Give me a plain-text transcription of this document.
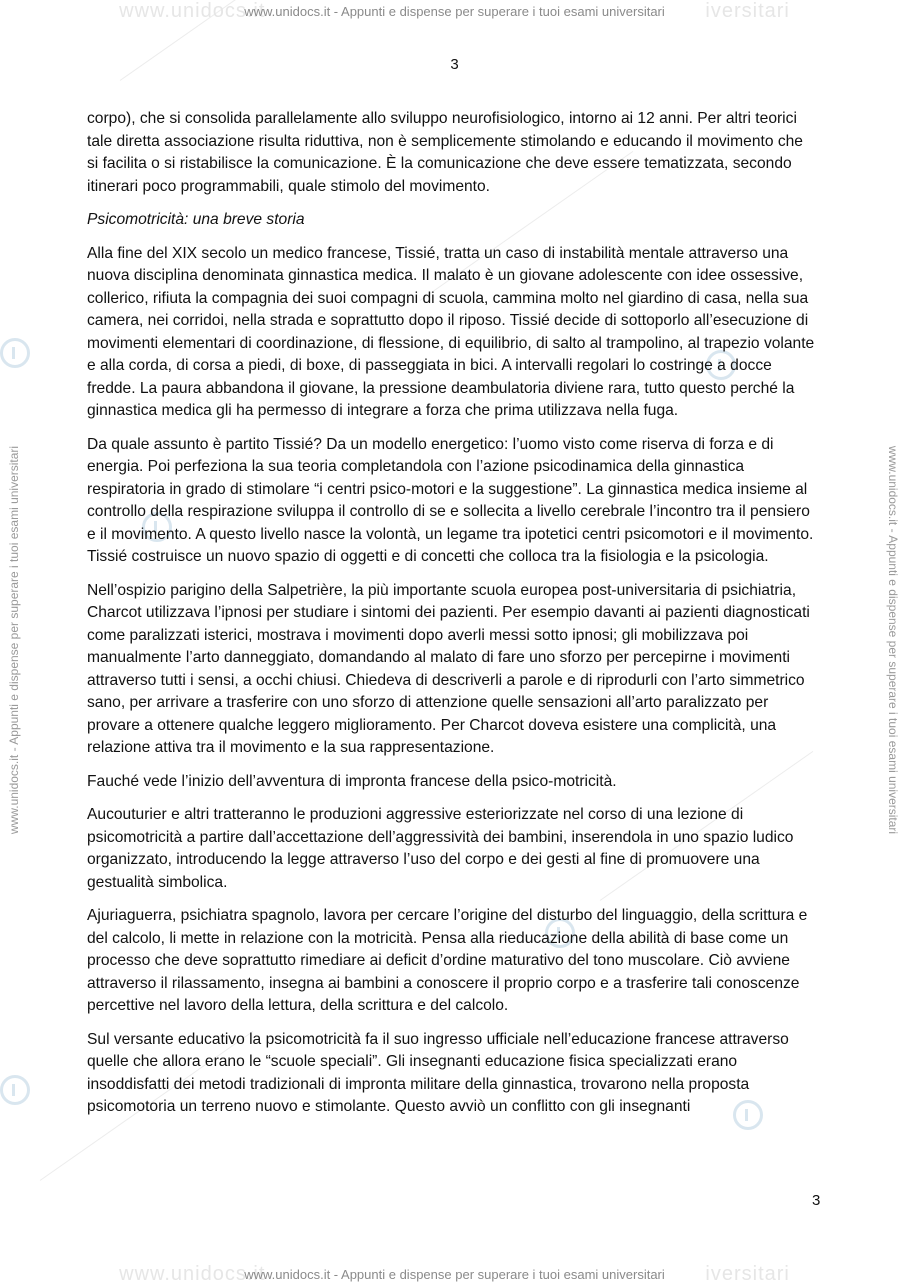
www.unidocs.it	iversitari
www.unidocs.it - Appunti e dispense per superare i tuoi esami universitari
www.unidocs.it - Appunti e dispense per superare i tuoi esami universitari	www.unidocs.it - Appunti e dispense per superare i tuoi esami universitari
3

corpo), che si consolida parallelamente allo sviluppo neurofisiologico, intorno ai 12 anni. Per altri teorici tale diretta associazione risulta riduttiva, non è semplicemente stimolando e educando il movimento che si facilita o si ristabilisce la comunicazione. È la comunicazione che deve essere tematizzata, secondo itinerari poco programmabili, quale stimolo del movimento.

Psicomotricità: una breve storia

Alla fine del XIX secolo un medico francese, Tissié, tratta un caso di instabilità mentale attraverso una nuova disciplina denominata ginnastica medica. Il malato è un giovane adolescente con idee ossessive, collerico, rifiuta la compagnia dei suoi compagni di scuola, cammina molto nel giardino di casa, nella sua camera, nei corridoi, nella strada e soprattutto dopo il riposo. Tissié decide di sottoporlo all’esecuzione di movimenti elementari di coordinazione, di flessione, di equilibrio, di salto al trampolino, al trapezio volante e alla corda, di corsa a piedi, di boxe, di passeggiata in bici. A intervalli regolari lo costringe a docce fredde. La paura abbandona il giovane, la pressione deambulatoria diviene rara, tutto questo perché la ginnastica medica gli ha permesso di integrare a forza che prima utilizzava nella fuga.

Da quale assunto è partito Tissié? Da un modello energetico: l’uomo visto come riserva di forza e di energia. Poi perfeziona la sua teoria completandola con l’azione psicodinamica della ginnastica respiratoria in grado di stimolare “i centri psico-motori e la suggestione”. La ginnastica medica insieme al controllo della respirazione sviluppa il controllo di se e sollecita a livello cerebrale l’incontro tra il pensiero e il movimento. A questo livello nasce la volontà, un legame tra ipotetici centri psicomotori e il movimento. Tissié costruisce un nuovo spazio di oggetti e di concetti che colloca tra la fisiologia e la psicologia.

Nell’ospizio parigino della Salpetrière, la più importante scuola europea post-universitaria di psichiatria, Charcot utilizzava l’ipnosi per studiare i sintomi dei pazienti. Per esempio davanti ai pazienti diagnosticati come paralizzati isterici, mostrava i movimenti dopo averli messi sotto ipnosi; gli mobilizzava poi manualmente l’arto danneggiato, domandando al malato di fare uno sforzo per percepirne i movimenti attraverso tutti i sensi, a occhi chiusi. Chiedeva di descriverli a parole e di riprodurli con l’arto simmetrico sano, per arrivare a trasferire con uno sforzo di attenzione quelle sensazioni all’arto paralizzato per provare a ottenere qualche leggero miglioramento. Per Charcot doveva esistere una complicità, una relazione attiva tra il movimento e la sua rappresentazione.

Fauché vede l’inizio dell’avventura di impronta francese della psico-motricità.

Aucouturier e altri tratteranno le produzioni aggressive esteriorizzate nel corso di una lezione di psicomotricità a partire dall’accettazione dell’aggressività dei bambini, inserendola in uno spazio ludico organizzato, introducendo la legge attraverso l’uso del corpo e dei gesti al fine di promuovere una gestualità simbolica.

Ajuriaguerra, psichiatra spagnolo, lavora per cercare l’origine del disturbo del linguaggio, della scrittura e del calcolo, li mette in relazione con la motricità. Pensa alla rieducazione della abilità di base come un processo che deve soprattutto rimediare ai deficit d’ordine maturativo del tono muscolare. Ciò avviene attraverso il rilassamento, insegna ai bambini a conoscere il proprio corpo e a trasferire tali conoscenze percettive nel lavoro della lettura, della scrittura e del calcolo.

Sul versante educativo la psicomotricità fa il suo ingresso ufficiale nell’educazione francese attraverso quelle che allora erano le “scuole speciali”. Gli insegnanti educazione fisica specializzati erano insoddisfatti dei metodi tradizionali di impronta militare della ginnastica, trovarono nella proposta psicomotoria un terreno nuovo e stimolante. Questo avviò un conflitto con gli insegnanti

3
www.unidocs.it	iversitari
www.unidocs.it - Appunti e dispense per superare i tuoi esami universitari
